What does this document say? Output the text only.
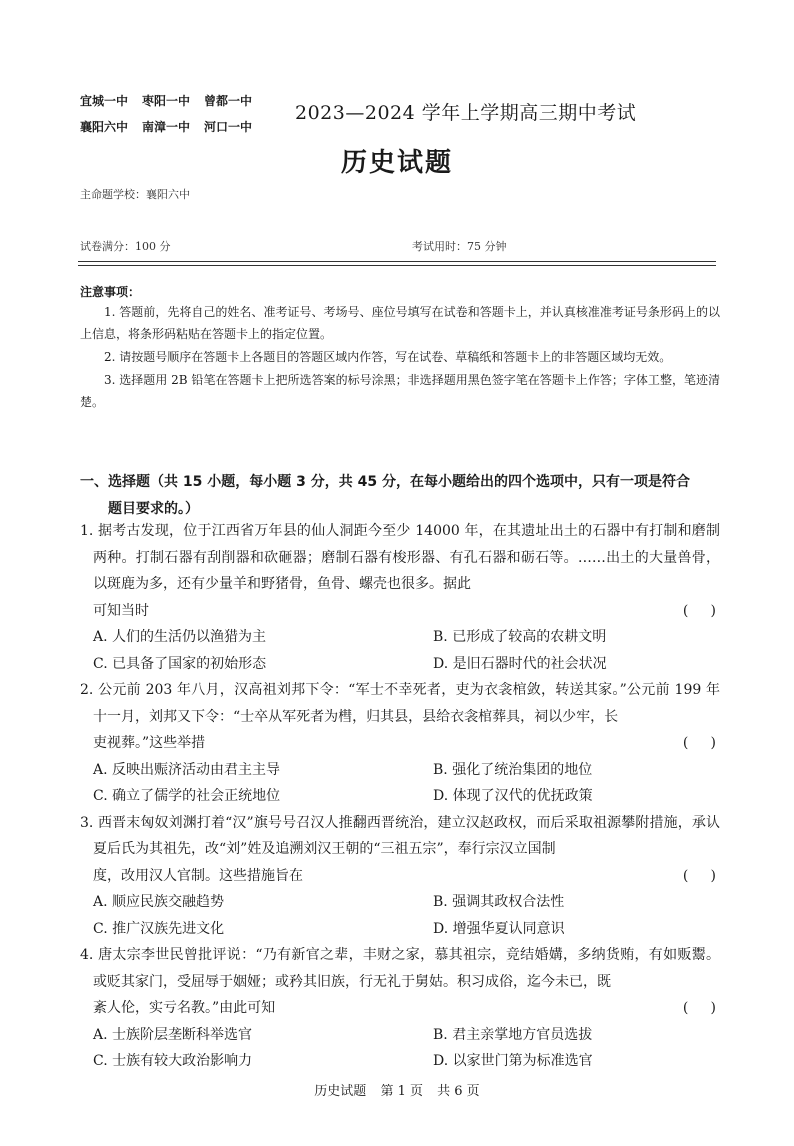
宜城一中 枣阳一中 曾都一中
襄阳六中 南漳一中 河口一中
2023—2024 学年上学期高三期中考试
历史试题
主命题学校：襄阳六中
试卷满分：100 分	考试用时：75 分钟
注意事项：

1. 答题前，先将自己的姓名、准考证号、考场号、座位号填写在试卷和答题卡上，并认真核准准考证号条形码上的以上信息，将条形码粘贴在答题卡上的指定位置。

2. 请按题号顺序在答题卡上各题目的答题区域内作答，写在试卷、草稿纸和答题卡上的非答题区域均无效。

3. 选择题用 2B 铅笔在答题卡上把所选答案的标号涂黑；非选择题用黑色签字笔在答题卡上作答；字体工整，笔迹清楚。

一、选择题（共 15 小题，每小题 3 分，共 45 分，在每小题给出的四个选项中，只有一项是符合
题目要求的。）
1. 据考古发现，位于江西省万年县的仙人洞距今至少 14000 年，在其遗址出土的石器中有打制和磨制两种。打制石器有刮削器和砍砸器；磨制石器有梭形器、有孔石器和砺石等。……出土的大量兽骨，以斑鹿为多，还有少量羊和野猪骨，鱼骨、螺壳也很多。据此
可知当时	(     )
A. 人们的生活仍以渔猎为主	B. 已形成了较高的农耕文明
C. 已具备了国家的初始形态	D. 是旧石器时代的社会状况
2. 公元前 203 年八月，汉高祖刘邦下令：“军士不幸死者，吏为衣衾棺敛，转送其家。”公元前 199 年十一月，刘邦又下令：“士卒从军死者为槥，归其县，县给衣衾棺葬具，祠以少牢，长
吏视葬。”这些举措	(     )
A. 反映出赈济活动由君主主导	B. 强化了统治集团的地位
C. 确立了儒学的社会正统地位	D. 体现了汉代的优抚政策
3. 西晋末匈奴刘渊打着“汉”旗号号召汉人推翻西晋统治，建立汉赵政权，而后采取祖源攀附措施，承认夏后氏为其祖先，改“刘”姓及追溯刘汉王朝的“三祖五宗”，奉行宗汉立国制
度，改用汉人官制。这些措施旨在	(     )
A. 顺应民族交融趋势	B. 强调其政权合法性
C. 推广汉族先进文化	D. 增强华夏认同意识
4. 唐太宗李世民曾批评说：“乃有新官之辈，丰财之家，慕其祖宗，竞结婚媾，多纳货贿，有如贩鬻。或贬其家门，受屈辱于姻娅；或矜其旧族，行无礼于舅姑。积习成俗，迄今未已，既
紊人伦，实亏名教。”由此可知	(     )
A. 士族阶层垄断科举选官	B. 君主亲掌地方官员选拔
C. 士族有较大政治影响力	D. 以家世门第为标准选官
历史试题 第 1 页 共 6 页
